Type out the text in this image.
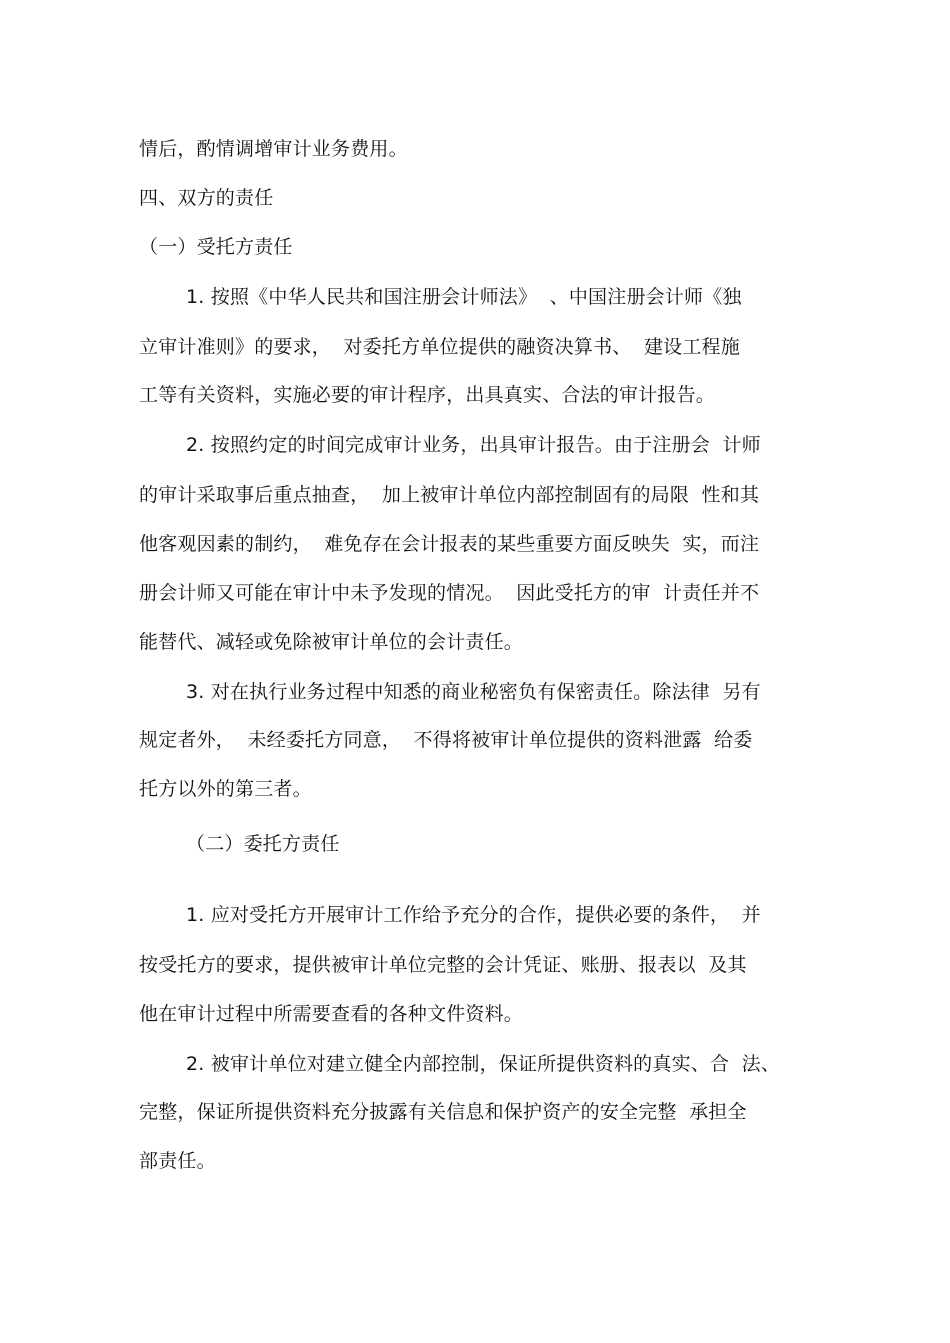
情后，酌情调增审计业务费用。
四、双方的责任
（一）受托方责任
1. 按照《中华人民共和国注册会计师法》  、中国注册会计师《独
立审计准则》的要求，  对委托方单位提供的融资决算书、  建设工程施
工等有关资料，实施必要的审计程序，出具真实、合法的审计报告。
2. 按照约定的时间完成审计业务，出具审计报告。由于注册会  计师
的审计采取事后重点抽查，  加上被审计单位内部控制固有的局限  性和其
他客观因素的制约，  难免存在会计报表的某些重要方面反映失  实，而注
册会计师又可能在审计中未予发现的情况。  因此受托方的审  计责任并不
能替代、减轻或免除被审计单位的会计责任。
3. 对在执行业务过程中知悉的商业秘密负有保密责任。除法律  另有
规定者外，  未经委托方同意，  不得将被审计单位提供的资料泄露  给委
托方以外的第三者。
（二）委托方责任
1. 应对受托方开展审计工作给予充分的合作，提供必要的条件，  并
按受托方的要求，提供被审计单位完整的会计凭证、账册、报表以  及其
他在审计过程中所需要查看的各种文件资料。
2. 被审计单位对建立健全内部控制，保证所提供资料的真实、合  法、
完整，保证所提供资料充分披露有关信息和保护资产的安全完整  承担全
部责任。
